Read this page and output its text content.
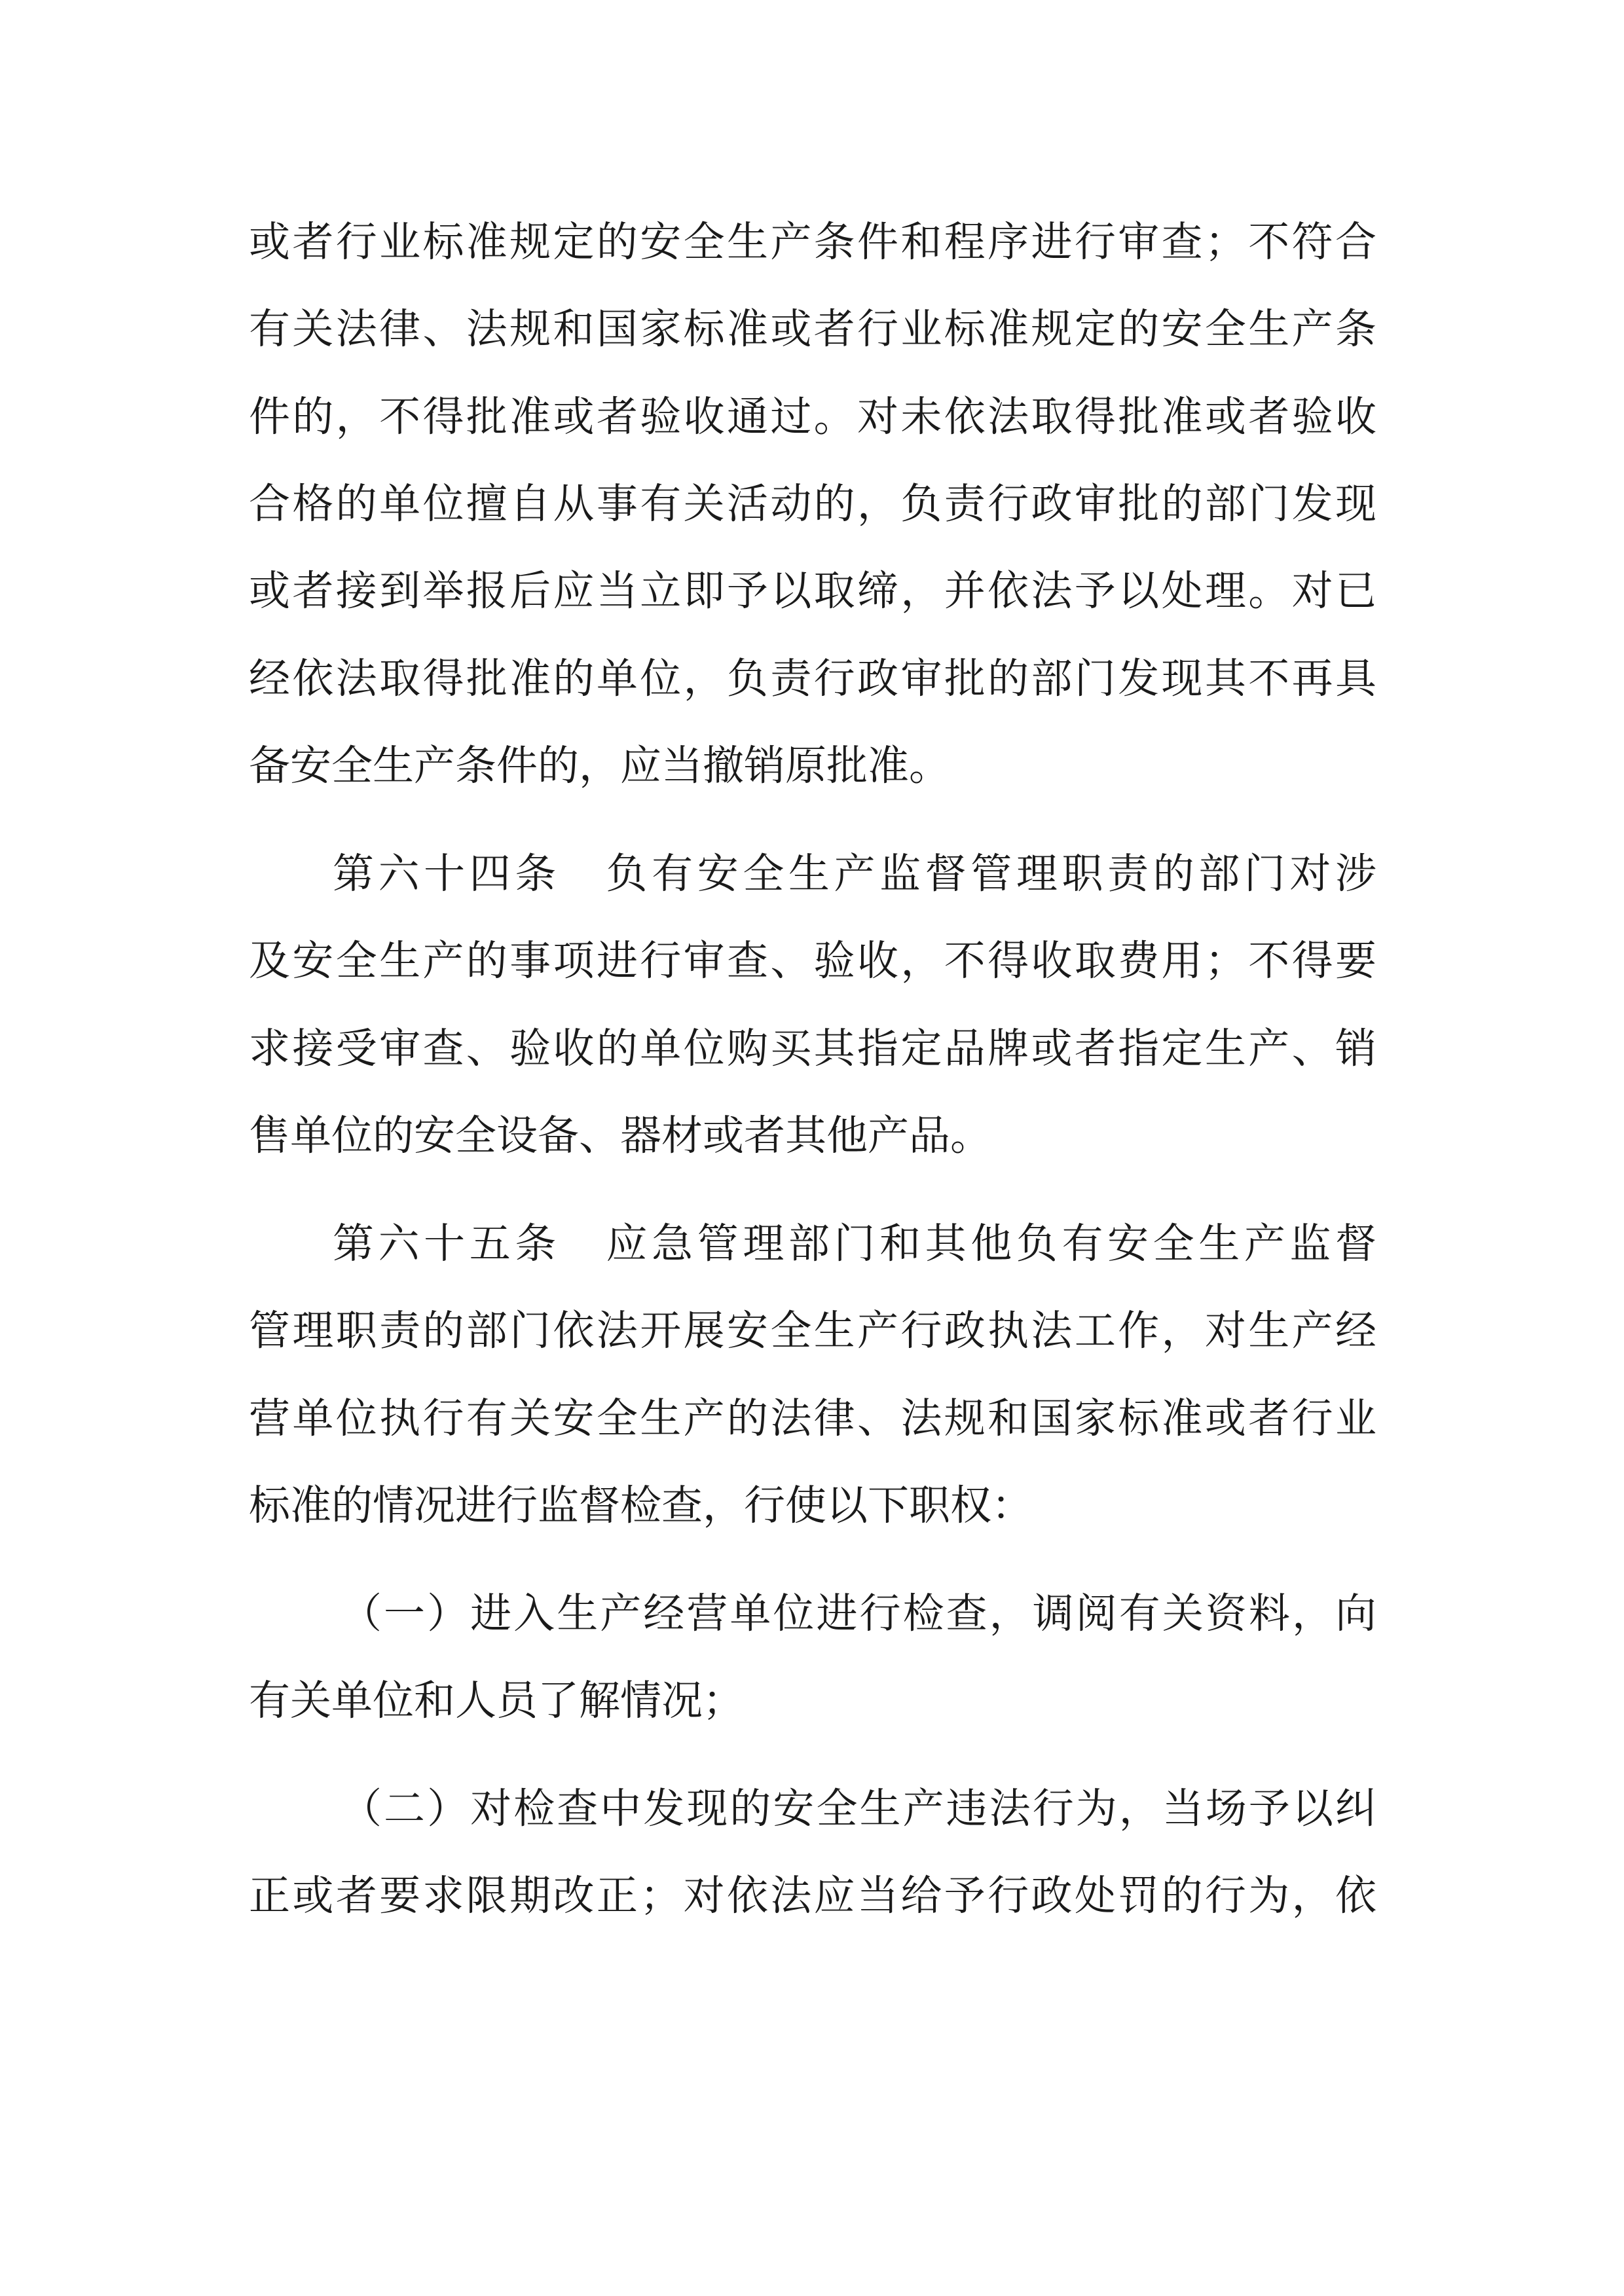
或者行业标准规定的安全生产条件和程序进行审查；不符合
有关法律、法规和国家标准或者行业标准规定的安全生产条
件的，不得批准或者验收通过。对未依法取得批准或者验收
合格的单位擅自从事有关活动的，负责行政审批的部门发现
或者接到举报后应当立即予以取缔，并依法予以处理。对已
经依法取得批准的单位，负责行政审批的部门发现其不再具
备安全生产条件的，应当撤销原批准。
第六十四条　负有安全生产监督管理职责的部门对涉
及安全生产的事项进行审查、验收，不得收取费用；不得要
求接受审查、验收的单位购买其指定品牌或者指定生产、销
售单位的安全设备、器材或者其他产品。
第六十五条　应急管理部门和其他负有安全生产监督
管理职责的部门依法开展安全生产行政执法工作，对生产经
营单位执行有关安全生产的法律、法规和国家标准或者行业
标准的情况进行监督检查，行使以下职权：
（一）进入生产经营单位进行检查，调阅有关资料，向
有关单位和人员了解情况；
（二）对检查中发现的安全生产违法行为，当场予以纠
正或者要求限期改正；对依法应当给予行政处罚的行为，依
